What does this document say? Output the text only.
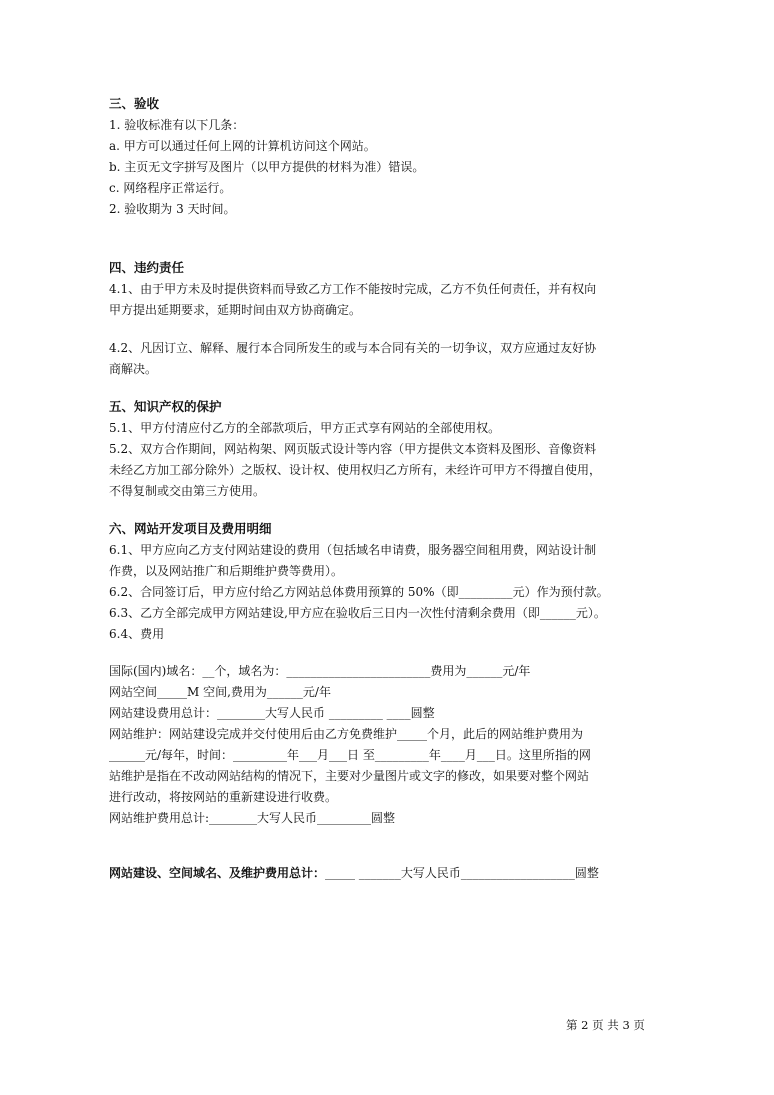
三、验收
1. 验收标准有以下几条：
a. 甲方可以通过任何上网的计算机访问这个网站。
b. 主页无文字拼写及图片（以甲方提供的材料为准）错误。
c. 网络程序正常运行。
2. 验收期为 3 天时间。
四、违约责任
4.1、由于甲方未及时提供资料而导致乙方工作不能按时完成，乙方不负任何责任，并有权向
甲方提出延期要求，延期时间由双方协商确定。
4.2、凡因订立、解释、履行本合同所发生的或与本合同有关的一切争议，双方应通过友好协
商解决。
五、知识产权的保护
5.1、甲方付清应付乙方的全部款项后，甲方正式享有网站的全部使用权。
5.2、双方合作期间，网站构架、网页版式设计等内容（甲方提供文本资料及图形、音像资料
未经乙方加工部分除外）之版权、设计权、使用权归乙方所有，未经许可甲方不得擅自使用，
不得复制或交由第三方使用。
六、网站开发项目及费用明细
6.1、甲方应向乙方支付网站建设的费用（包括域名申请费，服务器空间租用费，网站设计制
作费，以及网站推广和后期维护费等费用）。
6.2、合同签订后，甲方应付给乙方网站总体费用预算的 50%（即_________元）作为预付款。
6.3、乙方全部完成甲方网站建设,甲方应在验收后三日内一次性付清剩余费用（即______元）。
6.4、费用
国际(国内)域名：__个，域名为：________________________费用为______元/年
网站空间_____M 空间,费用为______元/年
网站建设费用总计：________大写人民币 _________ ____圆整
网站维护：网站建设完成并交付使用后由乙方免费维护_____个月，此后的网站维护费用为
______元/每年，时间：_________年___月___日 至_________年____月___日。这里所指的网
站维护是指在不改动网站结构的情况下，主要对少量图片或文字的修改，如果要对整个网站
进行改动，将按网站的重新建设进行收费。
网站维护费用总计:________大写人民币_________圆整
网站建设、空间域名、及维护费用总计：_____ _______大写人民币___________________圆整
第 2 页 共 3 页
